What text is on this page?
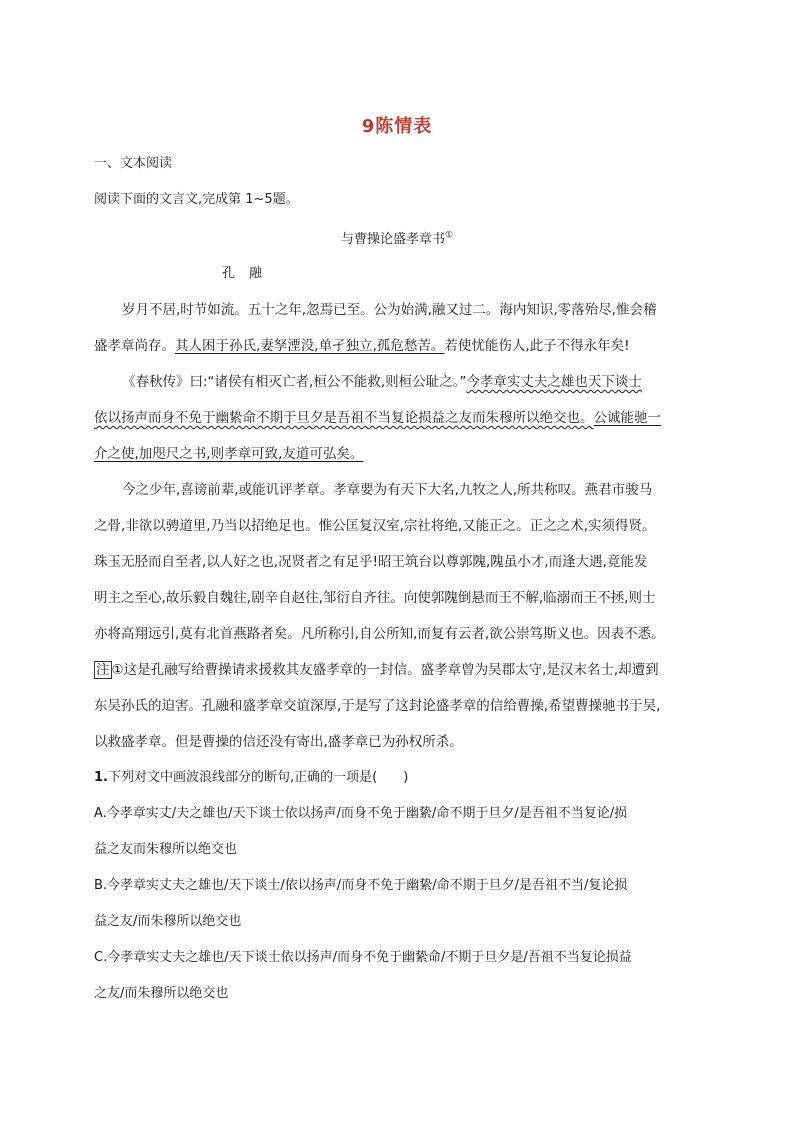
9陈情表
一、文本阅读
阅读下面的文言文,完成第 1~5题。
与曹操论盛孝章书①
孔融
岁月不居,时节如流。五十之年,忽焉已至。公为始满,融又过二。海内知识,零落殆尽,惟会稽
盛孝章尚存。其人困于孙氏,妻孥湮没,单孑独立,孤危愁苦。若使忧能伤人,此子不得永年矣!
《春秋传》曰:“诸侯有相灭亡者,桓公不能救,则桓公耻之。”今孝章实丈夫之雄也天下谈士
依以扬声而身不免于幽絷命不期于旦夕是吾祖不当复论损益之友而朱穆所以绝交也。公诚能驰一
介之使,加咫尺之书,则孝章可致,友道可弘矣。
今之少年,喜谤前辈,或能讥评孝章。孝章要为有天下大名,九牧之人,所共称叹。燕君市骏马
之骨,非欲以骋道里,乃当以招绝足也。惟公匡复汉室,宗社将绝,又能正之。正之之术,实须得贤。
珠玉无胫而自至者,以人好之也,况贤者之有足乎!昭王筑台以尊郭隗,隗虽小才,而逢大遇,竟能发
明主之至心,故乐毅自魏往,剧辛自赵往,邹衍自齐往。向使郭隗倒悬而王不解,临溺而王不拯,则士
亦将高翔远引,莫有北首燕路者矣。凡所称引,自公所知,而复有云者,欲公崇笃斯义也。因表不悉。
注 ①这是孔融写给曹操请求援救其友盛孝章的一封信。盛孝章曾为吴郡太守,是汉末名士,却遭到
东吴孙氏的迫害。孔融和盛孝章交谊深厚,于是写了这封论盛孝章的信给曹操,希望曹操驰书于吴,
以救盛孝章。但是曹操的信还没有寄出,盛孝章已为孙权所杀。
1.下列对文中画波浪线部分的断句,正确的一项是(　　)
A.今孝章实丈/夫之雄也/天下谈士依以扬声/而身不免于幽絷/命不期于旦夕/是吾祖不当复论/损
益之友而朱穆所以绝交也
B.今孝章实丈夫之雄也/天下谈士/依以扬声/而身不免于幽絷/命不期于旦夕/是吾祖不当/复论损
益之友/而朱穆所以绝交也
C.今孝章实丈夫之雄也/天下谈士依以扬声/而身不免于幽絷命/不期于旦夕是/吾祖不当复论损益
之友/而朱穆所以绝交也
